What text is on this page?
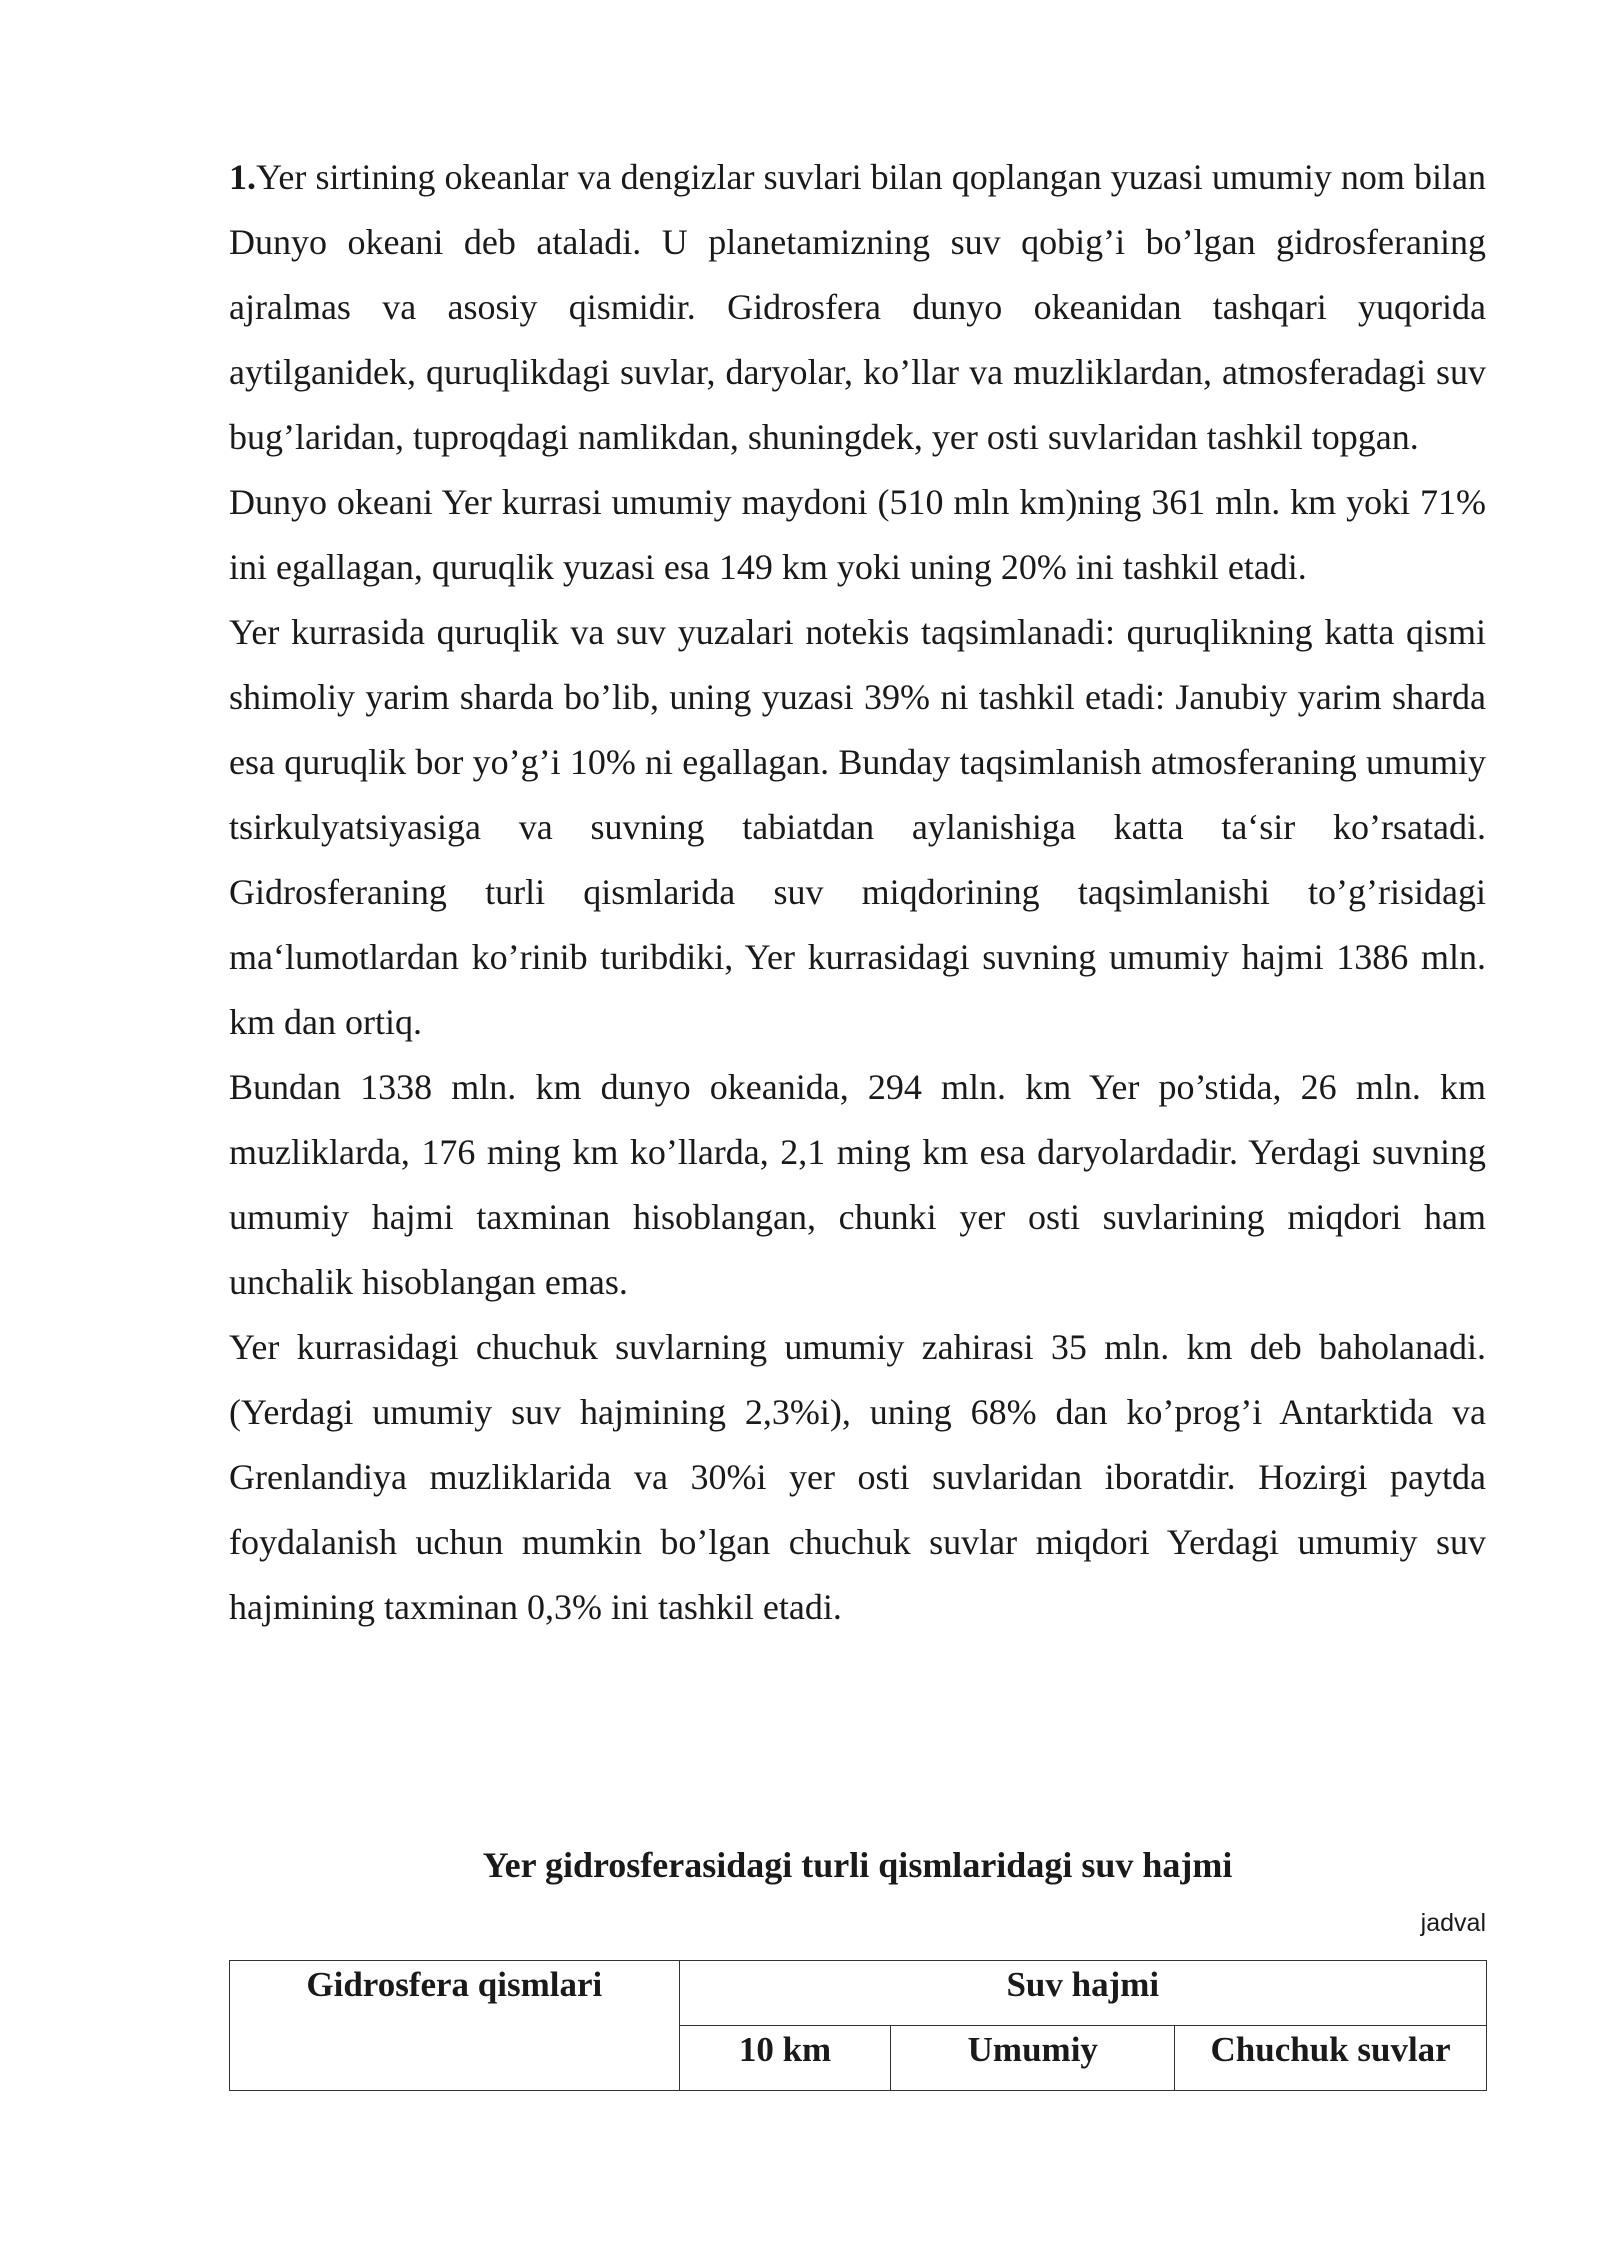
1.Yer sirtining okeanlar va dengizlar suvlari bilan qoplangan yuzasi umumiy nom bilan Dunyo okeani deb ataladi. U planetamizning suv qobig’i bo’lgan gidrosferaning ajralmas va asosiy qismidir. Gidrosfera dunyo okeanidan tashqari yuqorida aytilganidek, quruqlikdagi suvlar, daryolar, ko’llar va muzliklardan, atmosferadagi suv bug’laridan, tuproqdagi namlikdan, shuningdek, yer osti suvlaridan tashkil topgan.

Dunyo okeani Yer kurrasi umumiy maydoni (510 mln km)ning 361 mln. km yoki 71% ini egallagan, quruqlik yuzasi esa 149 km yoki uning 20% ini tashkil etadi.

Yer kurrasida quruqlik va suv yuzalari notekis taqsimlanadi: quruqlikning katta qismi shimoliy yarim sharda bo’lib, uning yuzasi 39% ni tashkil etadi: Janubiy yarim sharda esa quruqlik bor yo’g’i 10% ni egallagan. Bunday taqsimlanish atmosferaning umumiy tsirkulyatsiyasiga va suvning tabiatdan aylanishiga katta ta‘sir ko’rsatadi. Gidrosferaning turli qismlarida suv miqdorining taqsimlanishi to’g’risidagi ma‘lumotlardan ko’rinib turibdiki, Yer kurrasidagi suvning umumiy hajmi 1386 mln. km dan ortiq.

Bundan 1338 mln. km dunyo okeanida, 294 mln. km Yer po’stida, 26 mln. km muzliklarda, 176 ming km ko’llarda, 2,1 ming km esa daryolardadir. Yerdagi suvning umumiy hajmi taxminan hisoblangan, chunki yer osti suvlarining miqdori ham unchalik hisoblangan emas.

Yer kurrasidagi chuchuk suvlarning umumiy zahirasi 35 mln. km deb baholanadi. (Yerdagi umumiy suv hajmining 2,3%i), uning 68% dan ko’prog’i Antarktida va Grenlandiya muzliklarida va 30%i yer osti suvlaridan iboratdir. Hozirgi paytda foydalanish uchun mumkin bo’lgan chuchuk suvlar miqdori Yerdagi umumiy suv hajmining taxminan 0,3% ini tashkil etadi.

Yer gidrosferasidagi turli qismlaridagi suv hajmi
jadval
Gidrosfera qismlari	Suv hajmi		
	10 km	Umumiy	Chuchuk suvlar
